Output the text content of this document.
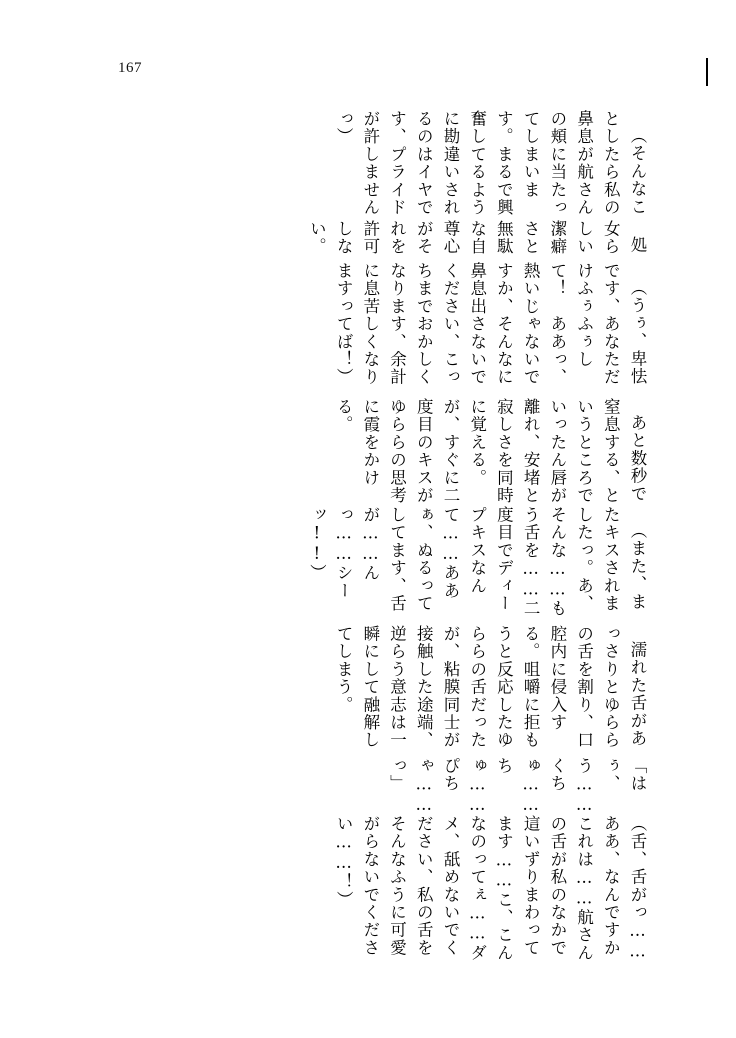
167

（そんなことしたら私の鼻息が航さんの頬に当たってしまいます。まるで興奮してるように勘違いされるのはイヤです、プライドが許しませんっ）

処女らしい潔癖さと無駄な自尊心がそれを許可しない。

（うぅ、卑怯です、あなただけふぅふぅして！　ああっ、熱いじゃないですか、そんなに鼻息出さないでください、こっちまでおかしくなります、余計に息苦しくなりますってば！）

あと数秒で窒息する、というところでいったん唇が離れ、安堵と寂しさを同時に覚える。が、すぐに二度目のキスがゆららの思考に霞をかける。

（また、またキスされましたっ。あ、そんな……もう舌を……二度目でディープキスなんて……ああぁ、ぬるってしてます、舌が……んっ……シーッ!!）

濡れた舌があっさりとゆららの舌を割り、口腔内に侵入する。咀嚼に拒もうと反応したゆららの舌だったが、粘膜同士が接触した途端、逆らう意志は一瞬にして融解してしまう。

「はぅ、う……くちゅ……ちゅ……ぴちゃ……っ」

（舌、舌がっ……ああ、なんですかこれは……航さんの舌が私のなかで這いずりまわってます……こ、こんなのってぇ……ダメ、舐めないでください、私の舌をそんなふうに可愛がらないでください……！）
